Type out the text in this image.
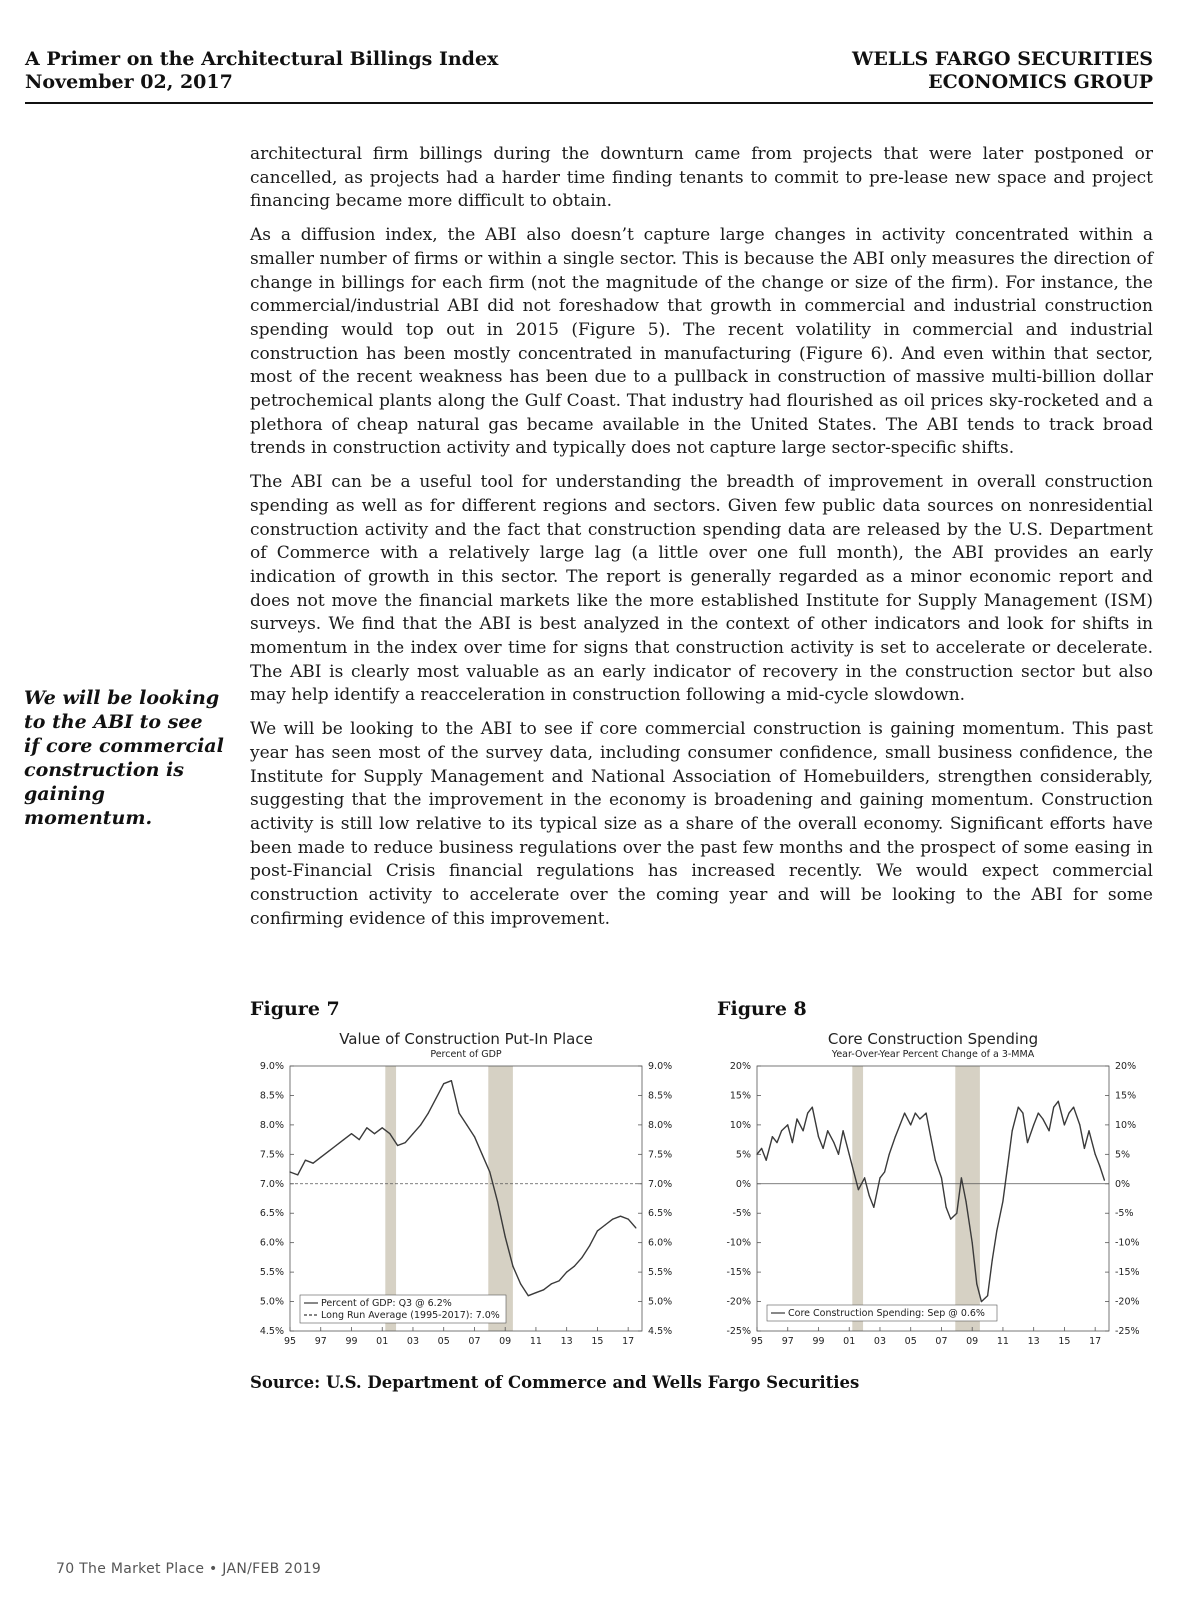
A Primer on the Architectural Billings Index
November 02, 2017
WELLS FARGO SECURITIES
ECONOMICS GROUP

architectural firm billings during the downturn came from projects that were later postponed or cancelled, as projects had a harder time finding tenants to commit to pre-lease new space and project financing became more difficult to obtain.

As a diffusion index, the ABI also doesn’t capture large changes in activity concentrated within a smaller number of firms or within a single sector. This is because the ABI only measures the direction of change in billings for each firm (not the magnitude of the change or size of the firm). For instance, the commercial/industrial ABI did not foreshadow that growth in commercial and industrial construction spending would top out in 2015 (Figure 5). The recent volatility in commercial and industrial construction has been mostly concentrated in manufacturing (Figure 6). And even within that sector, most of the recent weakness has been due to a pullback in construction of massive multi-billion dollar petrochemical plants along the Gulf Coast. That industry had flourished as oil prices sky-rocketed and a plethora of cheap natural gas became available in the United States. The ABI tends to track broad trends in construction activity and typically does not capture large sector-specific shifts.

The ABI can be a useful tool for understanding the breadth of improvement in overall construction spending as well as for different regions and sectors. Given few public data sources on nonresidential construction activity and the fact that construction spending data are released by the U.S. Department of Commerce with a relatively large lag (a little over one full month), the ABI provides an early indication of growth in this sector. The report is generally regarded as a minor economic report and does not move the financial markets like the more established Institute for Supply Management (ISM) surveys. We find that the ABI is best analyzed in the context of other indicators and look for shifts in momentum in the index over time for signs that construction activity is set to accelerate or decelerate. The ABI is clearly most valuable as an early indicator of recovery in the construction sector but also may help identify a reacceleration in construction following a mid-cycle slowdown.

We will be looking to the ABI to see if core commercial construction is gaining momentum. This past year has seen most of the survey data, including consumer confidence, small business confidence, the Institute for Supply Management and National Association of Homebuilders, strengthen considerably, suggesting that the improvement in the economy is broadening and gaining momentum. Construction activity is still low relative to its typical size as a share of the overall economy. Significant efforts have been made to reduce business regulations over the past few months and the prospect of some easing in post-Financial Crisis financial regulations has increased recently. We would expect commercial construction activity to accelerate over the coming year and will be looking to the ABI for some confirming evidence of this improvement.

We will be looking to the ABI to see if core commercial construction is gaining momentum.
Figure 7	Figure 8
Value of Construction Put-In Place
Percent of GDP
4.5%	4.5%
5.0%	5.0%
5.5%	5.5%
6.0%	6.0%
6.5%	6.5%
7.0%	7.0%
7.5%	7.5%
8.0%	8.0%
8.5%	8.5%
9.0%	9.0%
95 97 99 01 03 05 07 09 11 13 15 17
Percent of GDP: Q3 @ 6.2%
Long Run Average (1995-2017): 7.0%
Core Construction Spending
Year-Over-Year Percent Change of a 3-MMA
-25%	-25%
-20%	-20%
-15%	-15%
-10%	-10%
-5%	-5%
0%	0%
5%	5%
10%	10%
15%	15%
20%	20%
95 97 99 01 03 05 07 09 11 13 15 17
Core Construction Spending: Sep @ 0.6%
Source: U.S. Department of Commerce and Wells Fargo Securities
70 The Market Place • JAN/FEB 2019
